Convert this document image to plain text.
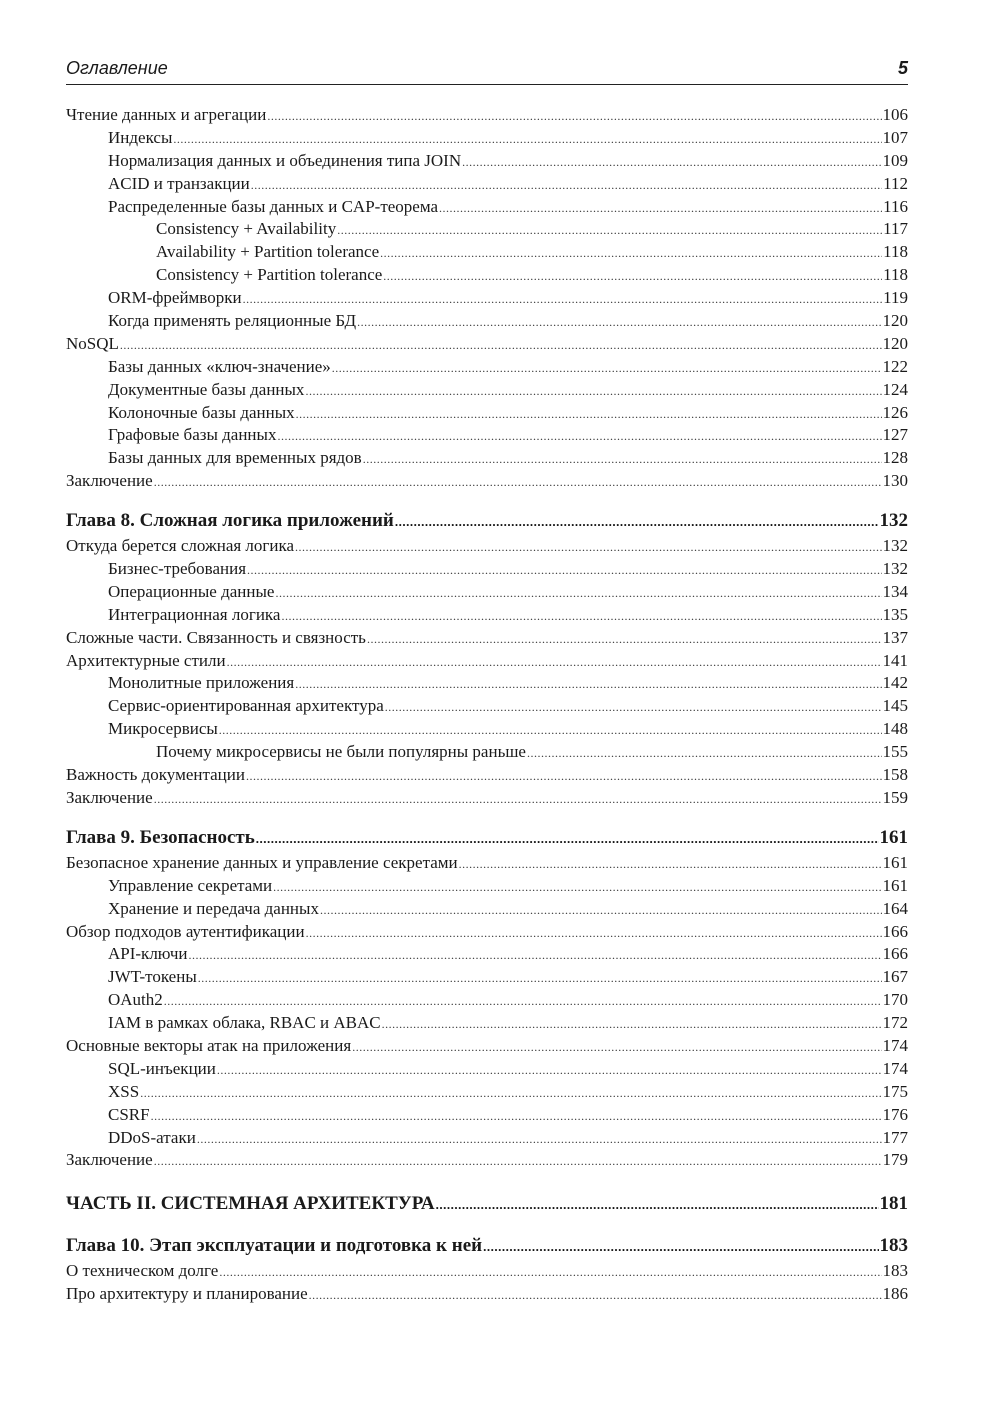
Оглавление	5
Чтение данных и агрегации .....	106
Индексы .....	107
Нормализация данных и объединения типа JOIN .....	109
ACID и транзакции .....	112
Распределенные базы данных и CAP-теорема .....	116
Consistency + Availability .....	117
Availability + Partition tolerance .....	118
Consistency + Partition tolerance .....	118
ORM-фреймворки .....	119
Когда применять реляционные БД .....	120
NoSQL .....	120
Базы данных «ключ-значение» .....	122
Документные базы данных .....	124
Колоночные базы данных .....	126
Графовые базы данных .....	127
Базы данных для временных рядов .....	128
Заключение .....	130
Глава 8. Сложная логика приложений .....	132
Откуда берется сложная логика .....	132
Бизнес-требования .....	132
Операционные данные .....	134
Интеграционная логика .....	135
Сложные части. Связанность и связность .....	137
Архитектурные стили .....	141
Монолитные приложения .....	142
Сервис-ориентированная архитектура .....	145
Микросервисы .....	148
Почему микросервисы не были популярны раньше .....	155
Важность документации .....	158
Заключение .....	159
Глава 9. Безопасность .....	161
Безопасное хранение данных и управление секретами .....	161
Управление секретами .....	161
Хранение и передача данных .....	164
Обзор подходов аутентификации .....	166
API-ключи .....	166
JWT-токены .....	167
OAuth2 .....	170
IAM в рамках облака, RBAC и ABAC .....	172
Основные векторы атак на приложения .....	174
SQL-инъекции .....	174
XSS .....	175
CSRF .....	176
DDoS-атаки .....	177
Заключение .....	179
ЧАСТЬ II. СИСТЕМНАЯ АРХИТЕКТУРА .....	181
Глава 10. Этап эксплуатации и подготовка к ней .....	183
О техническом долге .....	183
Про архитектуру и планирование .....	186
